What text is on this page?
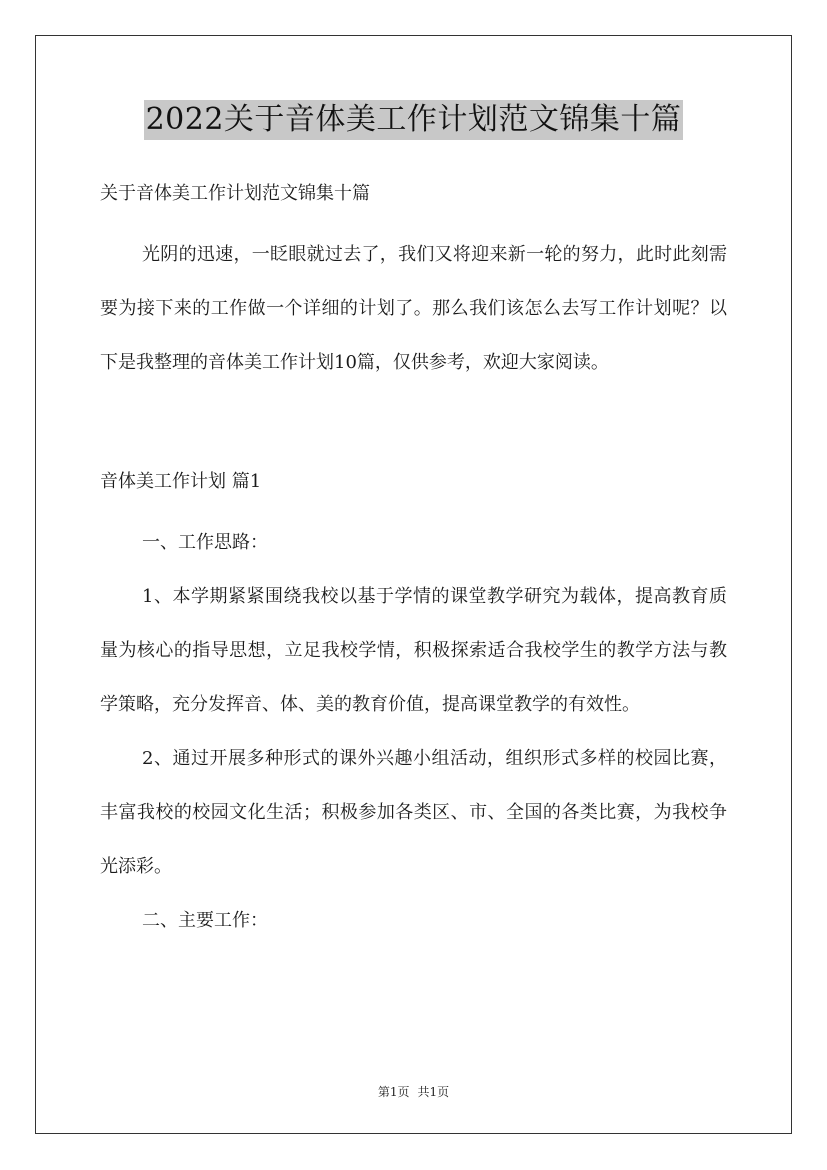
2022关于音体美工作计划范文锦集十篇
关于音体美工作计划范文锦集十篇

光阴的迅速，一眨眼就过去了，我们又将迎来新一轮的努力，此时此刻需要为接下来的工作做一个详细的计划了。那么我们该怎么去写工作计划呢？以下是我整理的音体美工作计划10篇，仅供参考，欢迎大家阅读。

音体美工作计划 篇1

一、工作思路：

1、本学期紧紧围绕我校以基于学情的课堂教学研究为载体，提高教育质量为核心的指导思想，立足我校学情，积极探索适合我校学生的教学方法与教学策略，充分发挥音、体、美的教育价值，提高课堂教学的有效性。

2、通过开展多种形式的课外兴趣小组活动，组织形式多样的校园比赛，丰富我校的校园文化生活；积极参加各类区、市、全国的各类比赛，为我校争光添彩。

二、主要工作：

第1页 共1页
